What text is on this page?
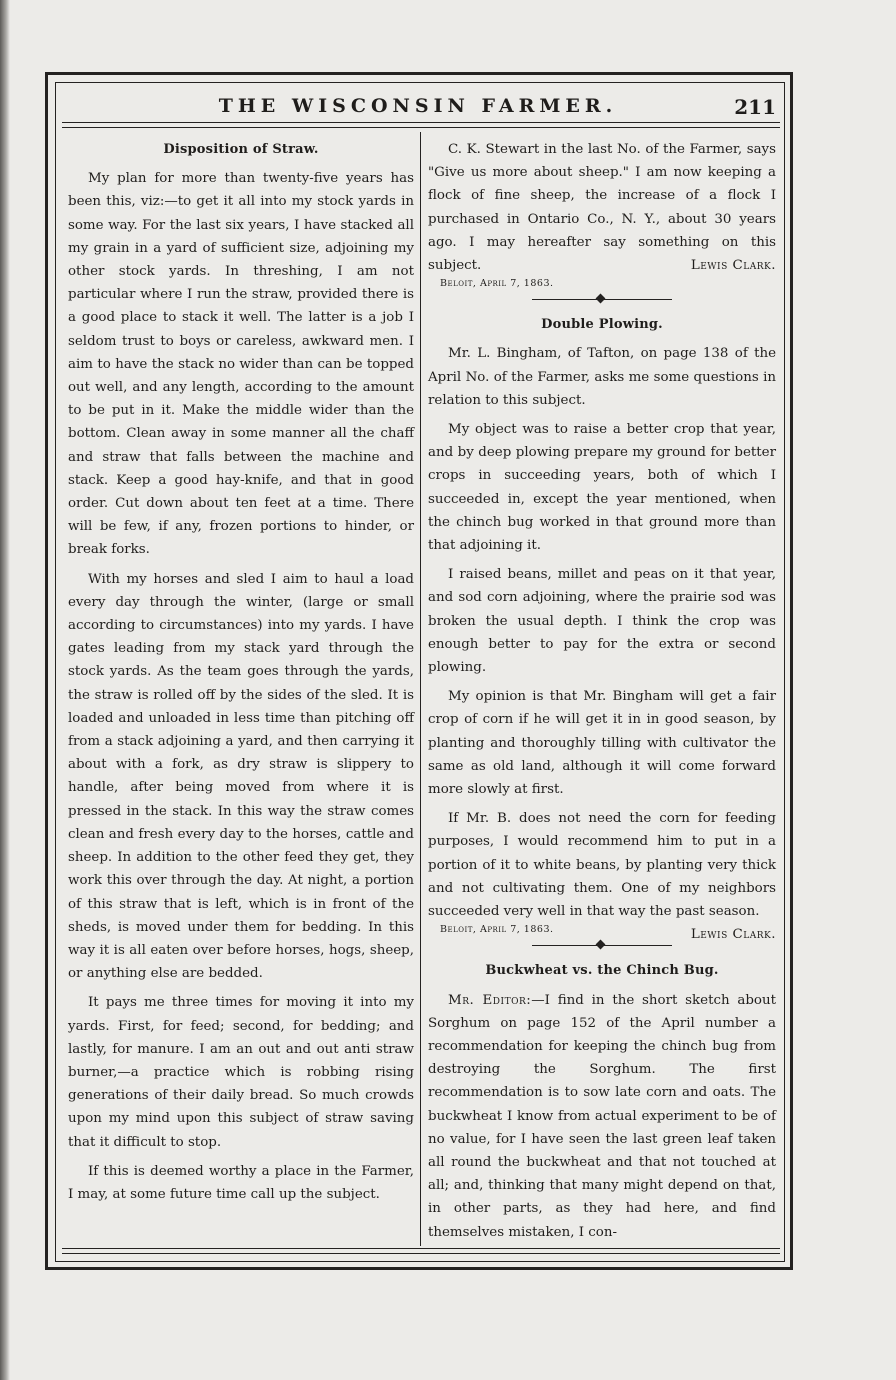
THE WISCONSIN FARMER.	211
Disposition of Straw.

My plan for more than twenty-five years has been this, viz:—to get it all into my stock yards in some way. For the last six years, I have stacked all my grain in a yard of sufficient size, adjoining my other stock yards. In threshing, I am not particular where I run the straw, provided there is a good place to stack it well. The latter is a job I seldom trust to boys or careless, awkward men. I aim to have the stack no wider than can be topped out well, and any length, according to the amount to be put in it. Make the middle wider than the bottom. Clean away in some manner all the chaff and straw that falls between the machine and stack. Keep a good hay-knife, and that in good order. Cut down about ten feet at a time. There will be few, if any, frozen portions to hinder, or break forks.

With my horses and sled I aim to haul a load every day through the winter, (large or small according to circumstances) into my yards. I have gates leading from my stack yard through the stock yards. As the team goes through the yards, the straw is rolled off by the sides of the sled. It is loaded and unloaded in less time than pitching off from a stack adjoining a yard, and then carrying it about with a fork, as dry straw is slippery to handle, after being moved from where it is pressed in the stack. In this way the straw comes clean and fresh every day to the horses, cattle and sheep. In addition to the other feed they get, they work this over through the day. At night, a portion of this straw that is left, which is in front of the sheds, is moved under them for bedding. In this way it is all eaten over before horses, hogs, sheep, or anything else are bedded.

It pays me three times for moving it into my yards. First, for feed; second, for bedding; and lastly, for manure. I am an out and out anti straw burner,—a practice which is robbing rising generations of their daily bread. So much crowds upon my mind upon this subject of straw saving that it difficult to stop.

If this is deemed worthy a place in the Farmer, I may, at some future time call up the subject.

C. K. Stewart in the last No. of the Farmer, says "Give us more about sheep." I am now keeping a flock of fine sheep, the increase of a flock I purchased in Ontario Co., N. Y., about 30 years ago. I may hereafter say something on this subject.	Lewis Clark.

Beloit, April 7, 1863.
Double Plowing.

Mr. L. Bingham, of Tafton, on page 138 of the April No. of the Farmer, asks me some questions in relation to this subject.

My object was to raise a better crop that year, and by deep plowing prepare my ground for better crops in succeeding years, both of which I succeeded in, except the year mentioned, when the chinch bug worked in that ground more than that adjoining it.

I raised beans, millet and peas on it that year, and sod corn adjoining, where the prairie sod was broken the usual depth. I think the crop was enough better to pay for the extra or second plowing.

My opinion is that Mr. Bingham will get a fair crop of corn if he will get it in in good season, by planting and thoroughly tilling with cultivator the same as old land, although it will come forward more slowly at first.

If Mr. B. does not need the corn for feeding purposes, I would recommend him to put in a portion of it to white beans, by planting very thick and not cultivating them. One of my neighbors succeeded very well in that way the past season.
Lewis Clark.

Beloit, April 7, 1863.
Buckwheat vs. the Chinch Bug.

Mr. Editor:—I find in the short sketch about Sorghum on page 152 of the April number a recommendation for keeping the chinch bug from destroying the Sorghum. The first recommendation is to sow late corn and oats. The buckwheat I know from actual experiment to be of no value, for I have seen the last green leaf taken all round the buckwheat and that not touched at all; and, thinking that many might depend on that, in other parts, as they had here, and find themselves mistaken, I con-
